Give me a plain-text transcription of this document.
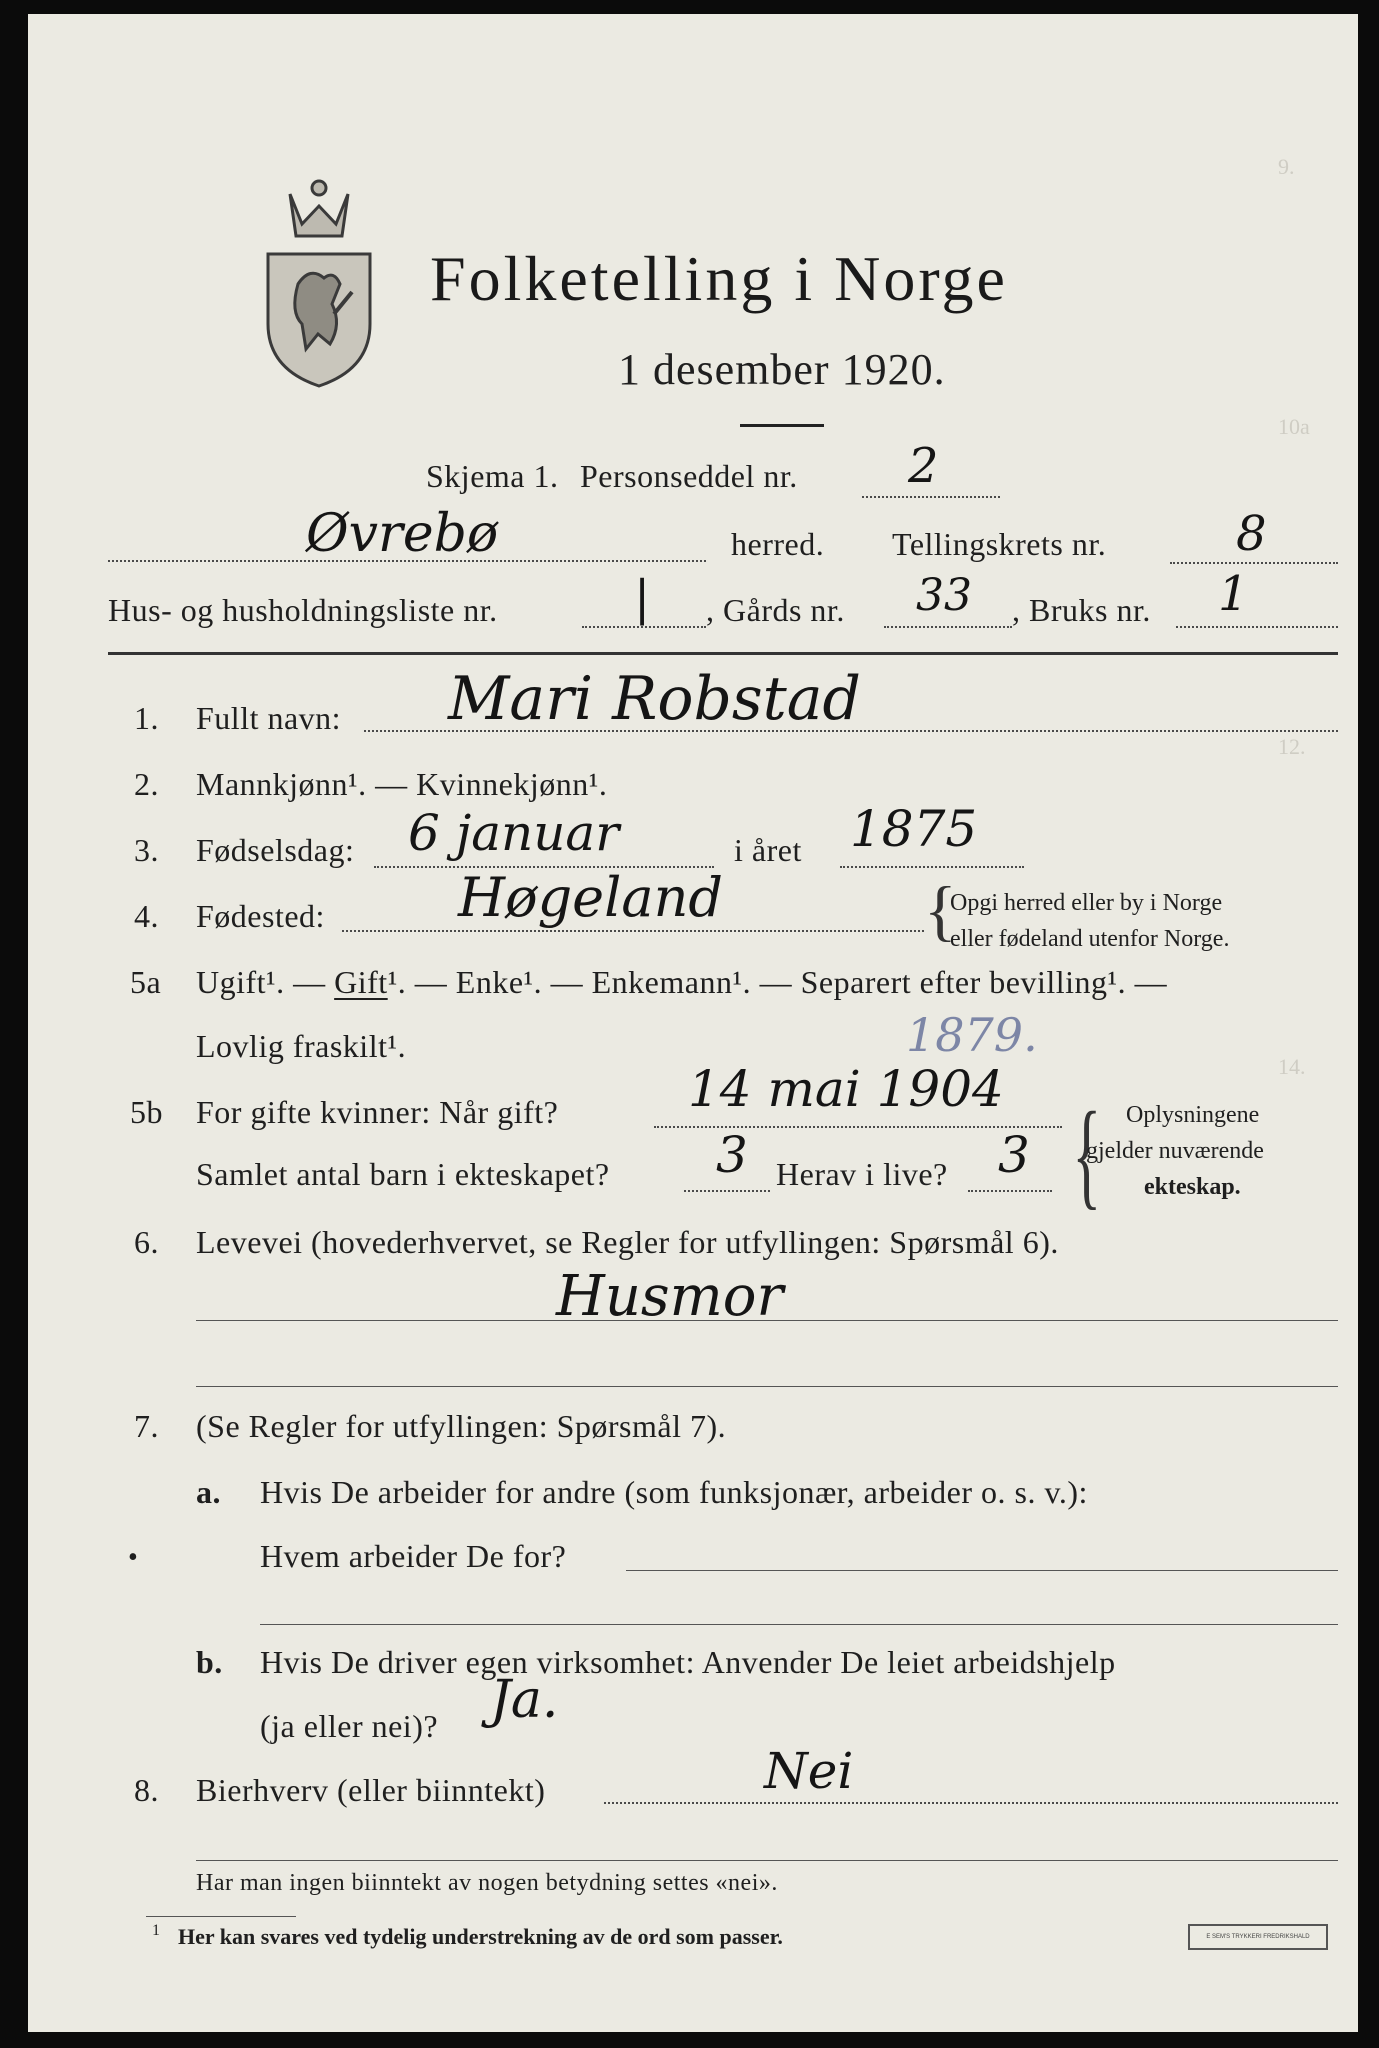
9.
10a
12.
14.
Folketelling i Norge
1 desember 1920.
Skjema 1. Personseddel nr. 2
Øvrebø	herred. Tellingskrets nr.	8
Hus- og husholdningsliste nr.	| , Gårds nr. 33 , Bruks nr. 1
1. Fullt navn: Mari Robstad
2. Mannkjønn¹. — Kvinnekjønn¹.
3. Fødselsdag: 6 januar	i året 1875
4. Fødested: Høgeland	{
Opgi herred eller by i Norge
eller fødeland utenfor Norge.
5a Ugift¹. — Gift¹. — Enke¹. — Enkemann¹. — Separert efter bevilling¹. —
Lovlig fraskilt¹.	1879.
5b For gifte kvinner: Når gift?	14 mai 1904
Samlet antal barn i ekteskapet? 3 Herav i live? 3 { Oplysningene
gjelder nuværende
ekteskap.
6. Levevei (hovederhvervet, se Regler for utfyllingen: Spørsmål 6).
Husmor
7. (Se Regler for utfyllingen: Spørsmål 7).
a. Hvis De arbeider for andre (som funksjonær, arbeider o. s. v.):
Hvem arbeider De for?
•
b. Hvis De driver egen virksomhet: Anvender De leiet arbeidshjelp
(ja eller nei)? Ja.
8. Bierhverv (eller biinntekt)	Nei
Har man ingen biinntekt av nogen betydning settes «nei».
1 Her kan svares ved tydelig understrekning av de ord som passer.	E SEM'S TRYKKERI FREDRIKSHALD
